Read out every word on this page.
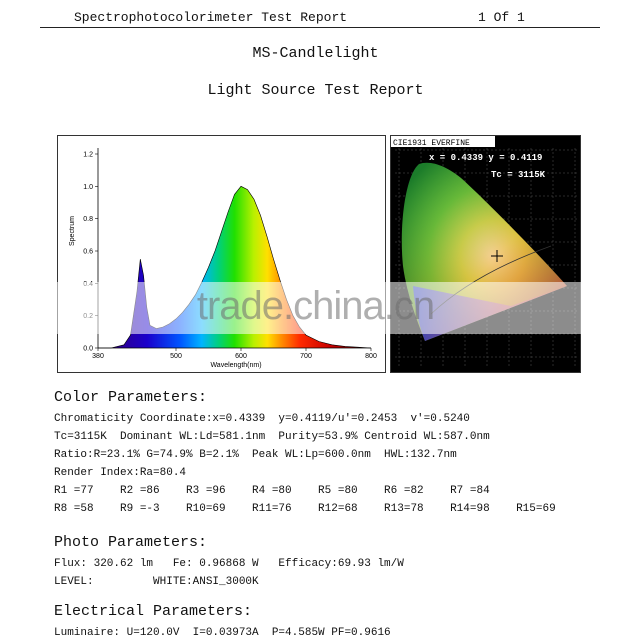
Spectrophotocolorimeter Test Report	1 Of 1
MS-Candlelight
Light Source Test Report
Spectrum
Wavelength(nm)
0.0
0.6
0.8
1.0
1.2
380	500	600	700	800
CIE1931 EVERFINE
x = 0.4339 y = 0.4119
Tc = 3115K
trade.china.cn
Color Parameters:
Chromaticity Coordinate:x=0.4339  y=0.4119/u'=0.2453  v'=0.5240
Tc=3115K  Dominant WL:Ld=581.1nm  Purity=53.9% Centroid WL:587.0nm
Ratio:R=23.1% G=74.9% B=2.1%  Peak WL:Lp=600.0nm  HWL:132.7nm
Render Index:Ra=80.4
R1 =77    R2 =86    R3 =96    R4 =80    R5 =80    R6 =82    R7 =84
R8 =58    R9 =-3    R10=69    R11=76    R12=68    R13=78    R14=98    R15=69
Photo Parameters:
Flux: 320.62 lm   Fe: 0.96868 W   Efficacy:69.93 lm/W
LEVEL:         WHITE:ANSI_3000K
Electrical Parameters:
Luminaire: U=120.0V  I=0.03973A  P=4.585W PF=0.9616
